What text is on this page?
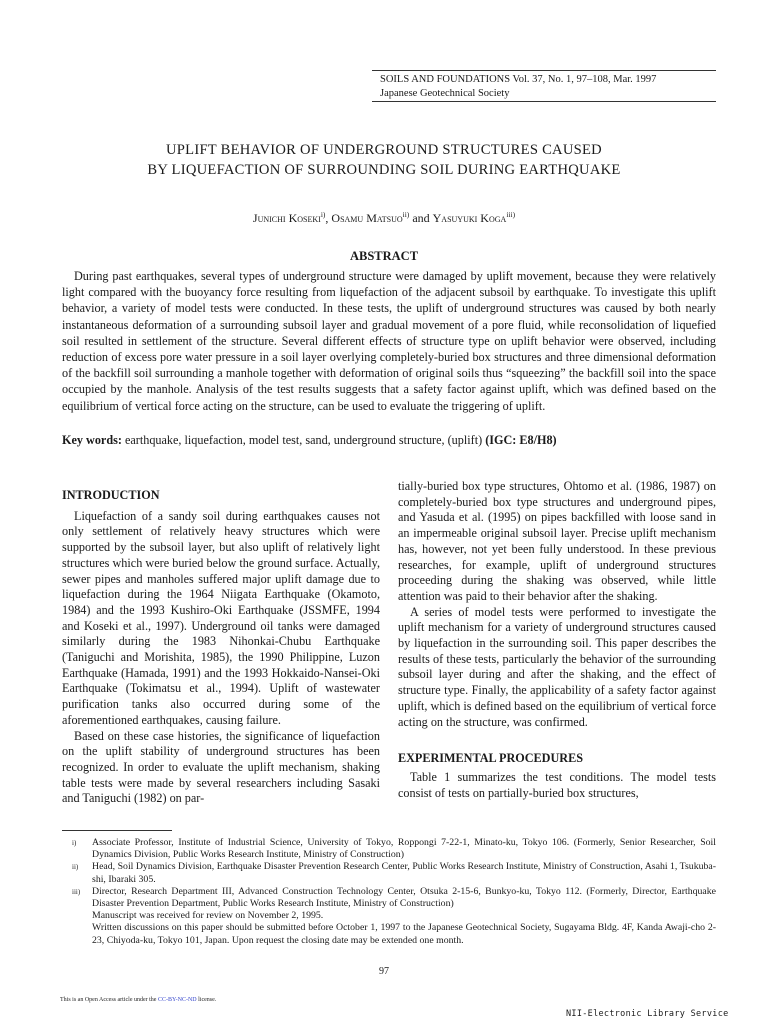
SOILS AND FOUNDATIONS Vol. 37, No. 1, 97–108, Mar. 1997
Japanese Geotechnical Society
UPLIFT BEHAVIOR OF UNDERGROUND STRUCTURES CAUSED
BY LIQUEFACTION OF SURROUNDING SOIL DURING EARTHQUAKE
Junichi Koseki$^{i)}$, Osamu Matsuo$^{ii)}$ and Yasuyuki Koga$^{iii)}$
ABSTRACT

During past earthquakes, several types of underground structure were damaged by uplift movement, because they were relatively light compared with the buoyancy force resulting from liquefaction of the adjacent subsoil by earthquake. To investigate this uplift behavior, a variety of model tests were conducted. In these tests, the uplift of underground structures was caused by both nearly instantaneous deformation of a surrounding subsoil layer and gradual movement of a pore fluid, while reconsolidation of liquefied soil resulted in settlement of the structure. Several different effects of structure type on uplift behavior were observed, including reduction of excess pore water pressure in a soil layer overlying completely-buried box structures and three dimensional deformation of the backfill soil surrounding a manhole together with deformation of original soils thus “squeezing” the backfill soil into the space occupied by the manhole. Analysis of the test results suggests that a safety factor against uplift, which was defined based on the equilibrium of vertical force acting on the structure, can be used to evaluate the triggering of uplift.

Key words: earthquake, liquefaction, model test, sand, underground structure, (uplift) (IGC: E8/H8)

INTRODUCTION

Liquefaction of a sandy soil during earthquakes causes not only settlement of relatively heavy structures which were supported by the subsoil layer, but also uplift of relatively light structures which were buried below the ground surface. Actually, sewer pipes and manholes suffered major uplift damage due to liquefaction during the 1964 Niigata Earthquake (Okamoto, 1984) and the 1993 Kushiro-Oki Earthquake (JSSMFE, 1994 and Koseki et al., 1997). Underground oil tanks were damaged similarly during the 1983 Nihonkai-Chubu Earthquake (Taniguchi and Morishita, 1985), the 1990 Philippine, Luzon Earthquake (Hamada, 1991) and the 1993 Hokkaido-Nansei-Oki Earthquake (Tokimatsu et al., 1994). Uplift of wastewater purification tanks also occurred during some of the aforementioned earthquakes, causing failure.

Based on these case histories, the significance of liquefaction on the uplift stability of underground structures has been recognized. In order to evaluate the uplift mechanism, shaking table tests were made by several researchers including Sasaki and Taniguchi (1982) on par-

tially-buried box type structures, Ohtomo et al. (1986, 1987) on completely-buried box type structures and underground pipes, and Yasuda et al. (1995) on pipes backfilled with loose sand in an impermeable original subsoil layer. Precise uplift mechanism has, however, not yet been fully understood. In these previous researches, for example, uplift of underground structures proceeding during the shaking was observed, while little attention was paid to their behavior after the shaking.

A series of model tests were performed to investigate the uplift mechanism for a variety of underground structures caused by liquefaction in the surrounding soil. This paper describes the results of these tests, particularly the behavior of the surrounding subsoil layer during and after the shaking, and the effect of structure type. Finally, the applicability of a safety factor against uplift, which is defined based on the equilibrium of vertical force acting on the structure, was confirmed.

EXPERIMENTAL PROCEDURES

Table 1 summarizes the test conditions. The model tests consist of tests on partially-buried box structures,

i)	Associate Professor, Institute of Industrial Science, University of Tokyo, Roppongi 7-22-1, Minato-ku, Tokyo 106. (Formerly, Senior Researcher, Soil Dynamics Division, Public Works Research Institute, Ministry of Construction)
ii)	Head, Soil Dynamics Division, Earthquake Disaster Prevention Research Center, Public Works Research Institute, Ministry of Construction, Asahi 1, Tsukuba-shi, Ibaraki 305.
iii)	Director, Research Department III, Advanced Construction Technology Center, Otsuka 2-15-6, Bunkyo-ku, Tokyo 112. (Formerly, Director, Earthquake Disaster Prevention Department, Public Works Research Institute, Ministry of Construction)
Manuscript was received for review on November 2, 1995.
Written discussions on this paper should be submitted before October 1, 1997 to the Japanese Geotechnical Society, Sugayama Bldg. 4F, Kanda Awaji-cho 2-23, Chiyoda-ku, Tokyo 101, Japan. Upon request the closing date may be extended one month.
97
This is an Open Access article under the CC-BY-NC-ND license.
NII-Electronic Library Service
